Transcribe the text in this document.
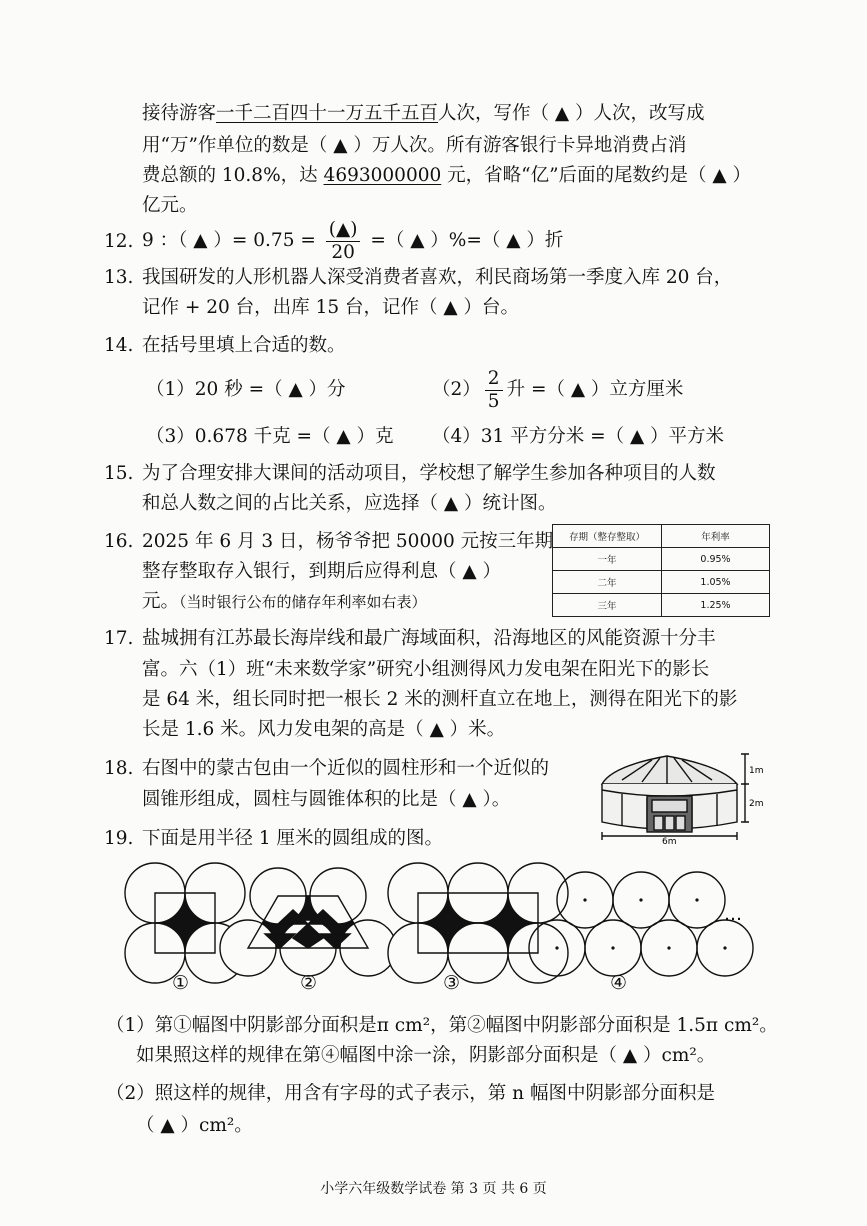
接待游客一千二百四十一万五千五百人次，写作（ ▲ ）人次，改写成
用“万”作单位的数是（ ▲ ）万人次。所有游客银行卡异地消费占消
费总额的 10.8%，达 4693000000 元，省略“亿”后面的尾数约是（ ▲ ）
亿元。
12. 9 ：（ ▲ ）= $0.75 = \frac{(▲)}{20}$ =（ ▲ ）%=（ ▲ ）折
13. 我国研发的人形机器人深受消费者喜欢，利民商场第一季度入库 20 台，
记作 + 20 台，出库 15 台，记作（ ▲ ）台。
14. 在括号里填上合适的数。
（1）20 秒 =（ ▲ ）分	$(2) \frac{2}{5}$ 升 =（ ▲ ）立方厘米
（3）0.678 千克 =（ ▲ ）克 （4）31 平方分米 =（ ▲ ）平方米
15. 为了合理安排大课间的活动项目，学校想了解学生参加各种项目的人数
和总人数之间的占比关系，应选择（ ▲ ）统计图。
16. 2025 年 6 月 3 日，杨爷爷把 50000 元按三年期
整存整取存入银行，到期后应得利息（ ▲ ）
元。（当时银行公布的储存年利率如右表）
存期（整存整取）	年利率
一年	0.95%
二年	1.05%
三年	1.25%
17. 盐城拥有江苏最长海岸线和最广海域面积，沿海地区的风能资源十分丰
富。六（1）班“未来数学家”研究小组测得风力发电架在阳光下的影长
是 64 米，组长同时把一根长 2 米的测杆直立在地上，测得在阳光下的影
长是 1.6 米。风力发电架的高是（ ▲ ）米。
18. 右图中的蒙古包由一个近似的圆柱形和一个近似的
圆锥形组成，圆柱与圆锥体积的比是（ ▲ ）。
1m
2m
6m
19. 下面是用半径 1 厘米的圆组成的图。
…
①	②	③	④
（1）第①幅图中阴影部分面积是π cm²，第②幅图中阴影部分面积是 1.5π cm²。
如果照这样的规律在第④幅图中涂一涂，阴影部分面积是（ ▲ ）cm²。
（2）照这样的规律，用含有字母的式子表示，第 n 幅图中阴影部分面积是
（ ▲ ）cm²。
小学六年级数学试卷 第 3 页 共 6 页
